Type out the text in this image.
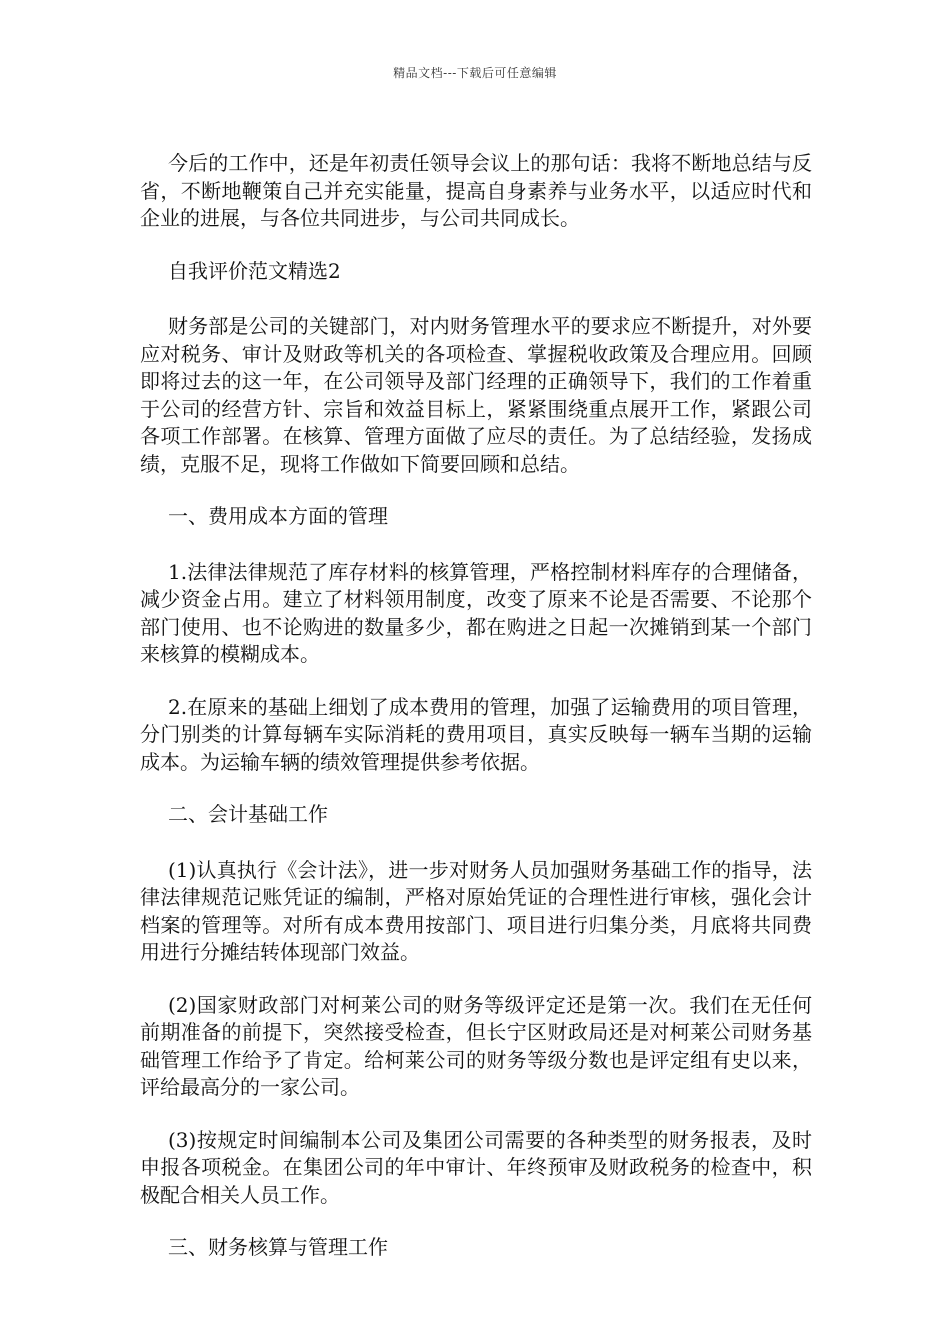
精品文档---下载后可任意编辑

今后的工作中，还是年初责任领导会议上的那句话：我将不断地总结与反省，不断地鞭策自己并充实能量，提高自身素养与业务水平，以适应时代和企业的进展，与各位共同进步，与公司共同成长。

自我评价范文精选2

财务部是公司的关键部门，对内财务管理水平的要求应不断提升，对外要应对税务、审计及财政等机关的各项检查、掌握税收政策及合理应用。回顾即将过去的这一年，在公司领导及部门经理的正确领导下，我们的工作着重于公司的经营方针、宗旨和效益目标上，紧紧围绕重点展开工作，紧跟公司各项工作部署。在核算、管理方面做了应尽的责任。为了总结经验，发扬成绩，克服不足，现将工作做如下简要回顾和总结。

一、费用成本方面的管理

1.法律法律规范了库存材料的核算管理，严格控制材料库存的合理储备，减少资金占用。建立了材料领用制度，改变了原来不论是否需要、不论那个部门使用、也不论购进的数量多少，都在购进之日起一次摊销到某一个部门来核算的模糊成本。

2.在原来的基础上细划了成本费用的管理，加强了运输费用的项目管理，分门别类的计算每辆车实际消耗的费用项目，真实反映每一辆车当期的运输成本。为运输车辆的绩效管理提供参考依据。

二、会计基础工作

(1)认真执行《会计法》，进一步对财务人员加强财务基础工作的指导，法律法律规范记账凭证的编制，严格对原始凭证的合理性进行审核，强化会计档案的管理等。对所有成本费用按部门、项目进行归集分类，月底将共同费用进行分摊结转体现部门效益。

(2)国家财政部门对柯莱公司的财务等级评定还是第一次。我们在无任何前期准备的前提下，突然接受检查，但长宁区财政局还是对柯莱公司财务基础管理工作给予了肯定。给柯莱公司的财务等级分数也是评定组有史以来，评给最高分的一家公司。

(3)按规定时间编制本公司及集团公司需要的各种类型的财务报表，及时申报各项税金。在集团公司的年中审计、年终预审及财政税务的检查中，积极配合相关人员工作。

三、财务核算与管理工作
